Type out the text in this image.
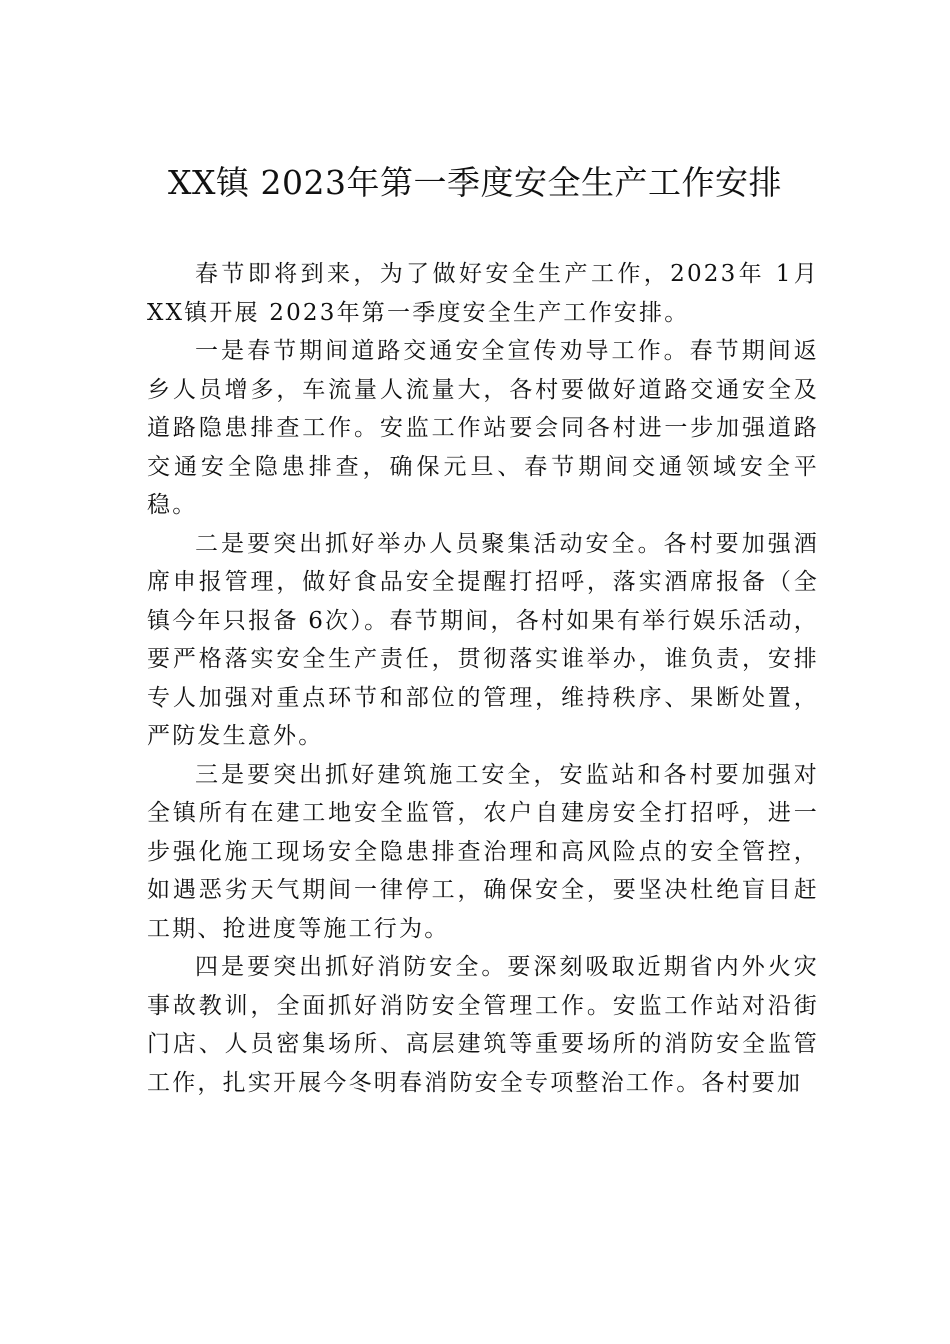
XX镇 2023年第一季度安全生产工作安排

春节即将到来，为了做好安全生产工作，2023年 1月 XX镇开展 2023年第一季度安全生产工作安排。

一是春节期间道路交通安全宣传劝导工作。春节期间返乡人员增多，车流量人流量大，各村要做好道路交通安全及道路隐患排查工作。安监工作站要会同各村进一步加强道路交通安全隐患排查，确保元旦、春节期间交通领域安全平稳。

二是要突出抓好举办人员聚集活动安全。各村要加强酒席申报管理，做好食品安全提醒打招呼，落实酒席报备（全镇今年只报备 6次）。春节期间，各村如果有举行娱乐活动，要严格落实安全生产责任，贯彻落实谁举办，谁负责，安排专人加强对重点环节和部位的管理，维持秩序、果断处置， 严防发生意外。

三是要突出抓好建筑施工安全，安监站和各村要加强对全镇所有在建工地安全监管，农户自建房安全打招呼，进一步强化施工现场安全隐患排查治理和高风险点的安全管控， 如遇恶劣天气期间一律停工，确保安全，要坚决杜绝盲目赶工期、抢进度等施工行为。

四是要突出抓好消防安全。要深刻吸取近期省内外火灾事故教训，全面抓好消防安全管理工作。安监工作站对沿街门店、人员密集场所、高层建筑等重要场所的消防安全监管工作，扎实开展今冬明春消防安全专项整治工作。各村要加
